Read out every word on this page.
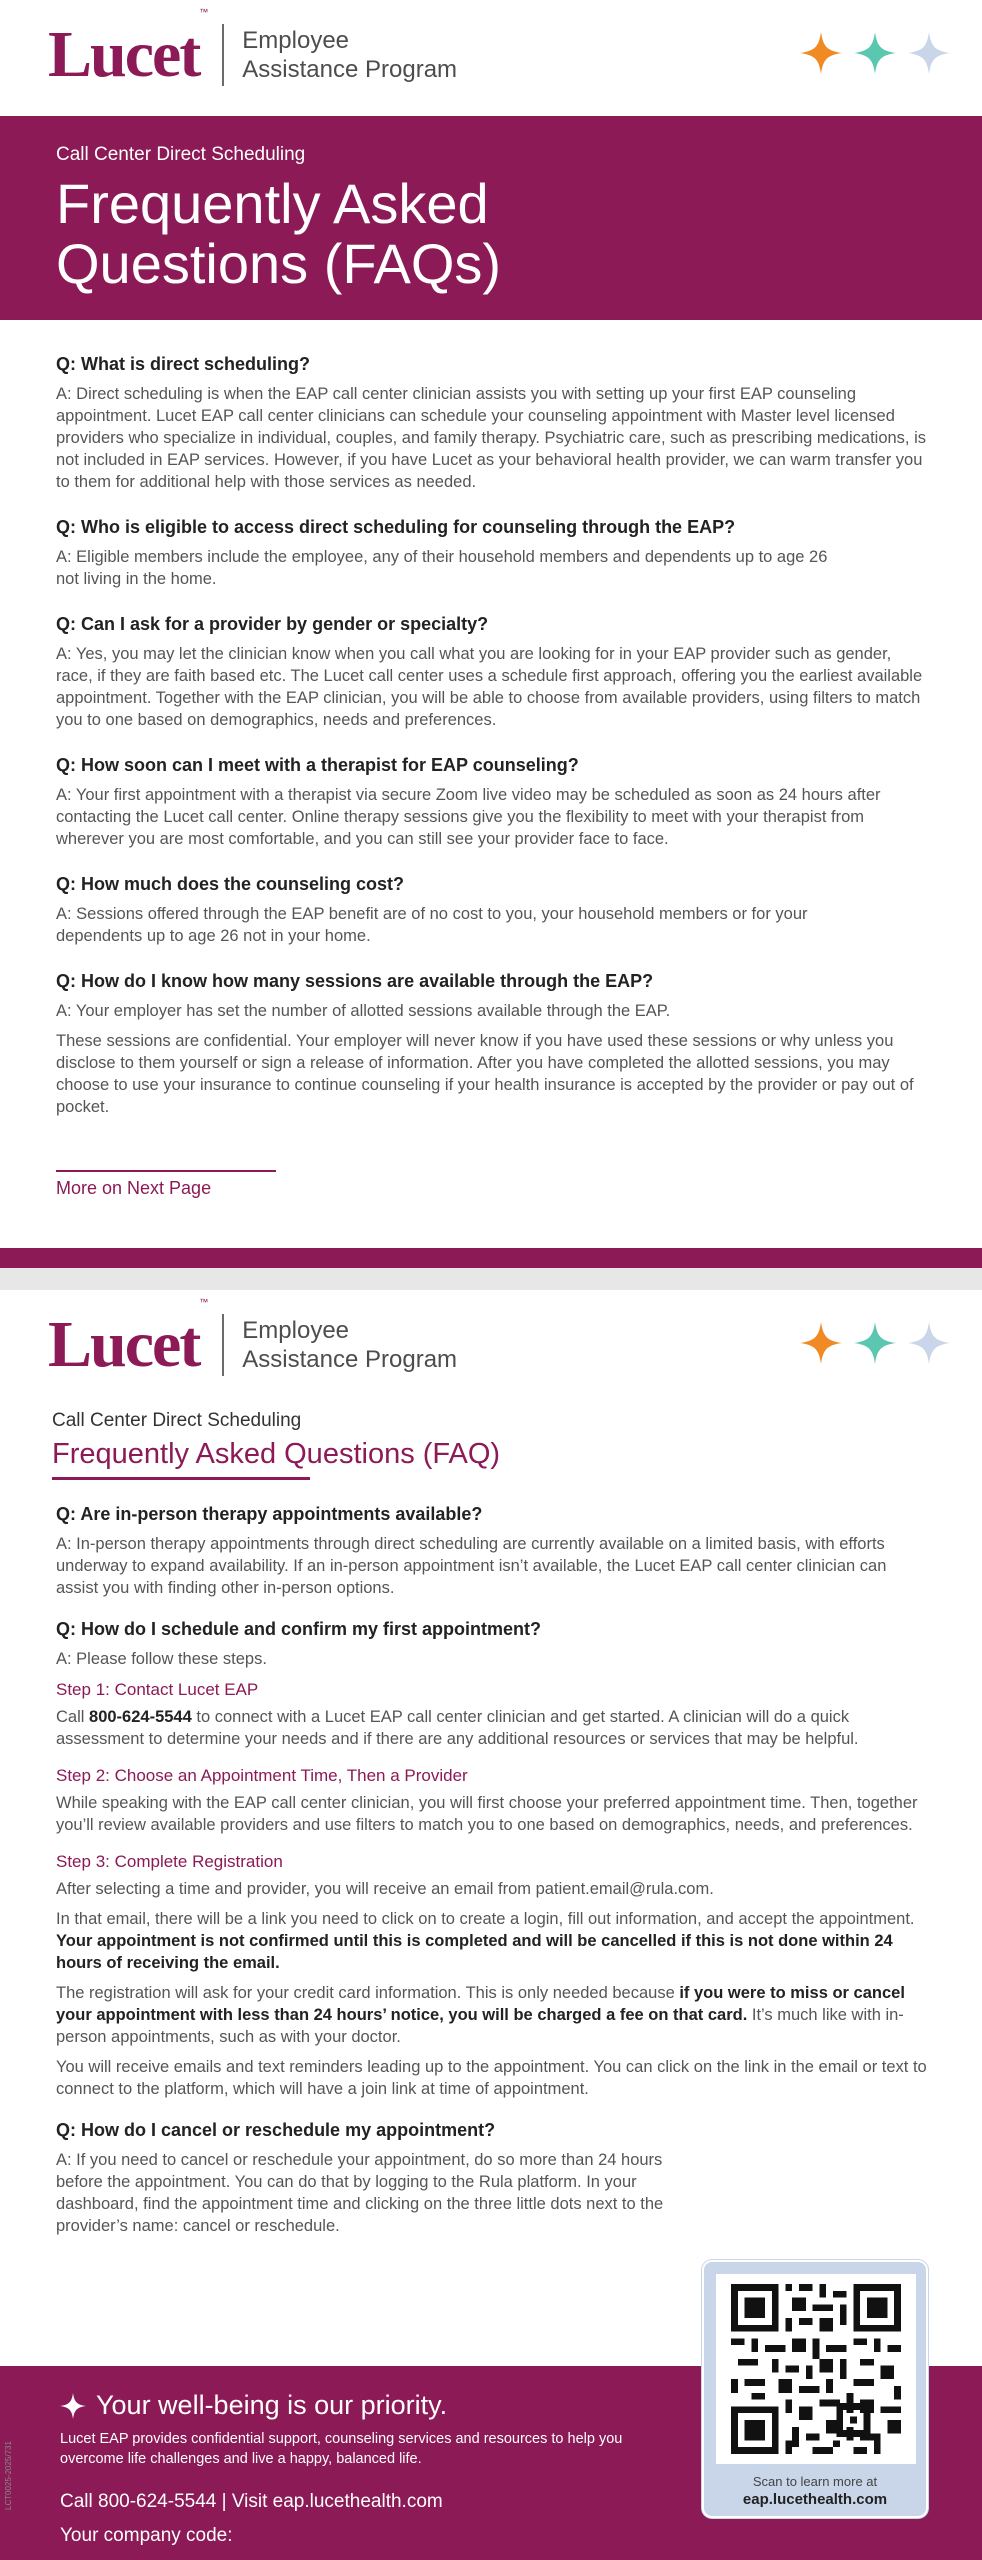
Lucet™
Employee
Assistance Program
Call Center Direct Scheduling
Frequently Asked
Questions (FAQs)
Q: What is direct scheduling?
A: Direct scheduling is when the EAP call center clinician assists you with setting up your first EAP counseling appointment. Lucet EAP call center clinicians can schedule your counseling appointment with Master level licensed providers who specialize in individual, couples, and family therapy. Psychiatric care, such as prescribing medications, is not included in EAP services. However, if you have Lucet as your behavioral health provider, we can warm transfer you to them for additional help with those services as needed.
Q: Who is eligible to access direct scheduling for counseling through the EAP?
A: Eligible members include the employee, any of their household members and dependents up to age 26 not living in the home.
Q: Can I ask for a provider by gender or specialty?
A: Yes, you may let the clinician know when you call what you are looking for in your EAP provider such as gender, race, if they are faith based etc. The Lucet call center uses a schedule first approach, offering you the earliest available appointment. Together with the EAP clinician, you will be able to choose from available providers, using filters to match you to one based on demographics, needs and preferences.
Q: How soon can I meet with a therapist for EAP counseling?
A: Your first appointment with a therapist via secure Zoom live video may be scheduled as soon as 24 hours after contacting the Lucet call center. Online therapy sessions give you the flexibility to meet with your therapist from wherever you are most comfortable, and you can still see your provider face to face.
Q: How much does the counseling cost?
A: Sessions offered through the EAP benefit are of no cost to you, your household members or for your dependents up to age 26 not in your home.
Q: How do I know how many sessions are available through the EAP?
A: Your employer has set the number of allotted sessions available through the EAP.
These sessions are confidential. Your employer will never know if you have used these sessions or why unless you disclose to them yourself or sign a release of information. After you have completed the allotted sessions, you may choose to use your insurance to continue counseling if your health insurance is accepted by the provider or pay out of pocket.
More on Next Page
Lucet™
Employee
Assistance Program
Call Center Direct Scheduling
Frequently Asked Questions (FAQ)
Q: Are in-person therapy appointments available?
A: In-person therapy appointments through direct scheduling are currently available on a limited basis, with efforts underway to expand availability. If an in-person appointment isn’t available, the Lucet EAP call center clinician can assist you with finding other in-person options.
Q: How do I schedule and confirm my first appointment?
A: Please follow these steps.
Step 1: Contact Lucet EAP
Call 800-624-5544 to connect with a Lucet EAP call center clinician and get started. A clinician will do a quick assessment to determine your needs and if there are any additional resources or services that may be helpful.
Step 2: Choose an Appointment Time, Then a Provider
While speaking with the EAP call center clinician, you will first choose your preferred appointment time. Then, together you’ll review available providers and use filters to match you to one based on demographics, needs, and preferences.
Step 3: Complete Registration
After selecting a time and provider, you will receive an email from patient.email@rula.com.
In that email, there will be a link you need to click on to create a login, fill out information, and accept the appointment. Your appointment is not confirmed until this is completed and will be cancelled if this is not done within 24 hours of receiving the email.
The registration will ask for your credit card information. This is only needed because if you were to miss or cancel your appointment with less than 24 hours’ notice, you will be charged a fee on that card. It’s much like with in-person appointments, such as with your doctor.
You will receive emails and text reminders leading up to the appointment. You can click on the link in the email or text to connect to the platform, which will have a join link at time of appointment.
Q: How do I cancel or reschedule my appointment?
A: If you need to cancel or reschedule your appointment, do so more than 24 hours before the appointment. You can do that by logging to the Rula platform. In your dashboard, find the appointment time and clicking on the three little dots next to the provider’s name: cancel or reschedule.
Your well-being is our priority.
Lucet EAP provides confidential support, counseling services and resources to help you overcome life challenges and live a happy, balanced life.
Call 800-624-5544 | Visit eap.lucethealth.com
Your company code:
LCT0025-2025/731	Scan to learn more at
eap.lucethealth.com
